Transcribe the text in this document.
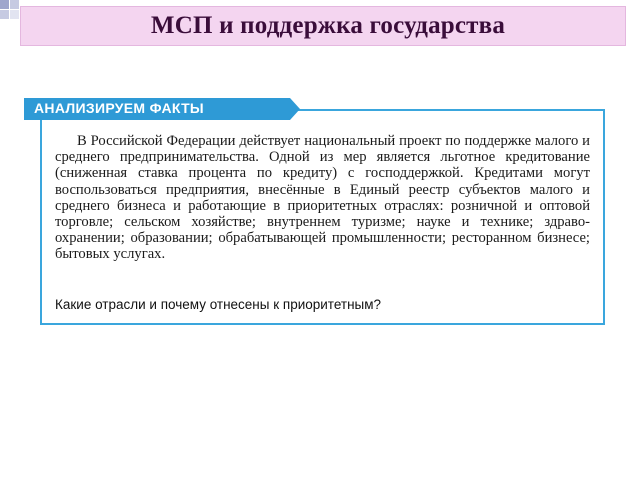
МСП и поддержка государства
АНАЛИЗИРУЕМ ФАКТЫ

В Российской Федерации действует национальный проект по поддержке малого и среднего предпринимательства. Одной из мер является льготное кредитование (сниженная ставка процента по кредиту) с господдержкой. Кредитами могут воспользоваться предприятия, внесённые в Единый реестр субъектов малого и среднего бизнеса и работающие в приоритетных отраслях: розничной и оптовой торговле; сельском хозяйстве; внутреннем туризме; науке и технике; здравоохранении; образовании; обрабатывающей промышленности; ресторанном бизнесе; бытовых услугах.

Какие отрасли и почему отнесены к приоритетным?
